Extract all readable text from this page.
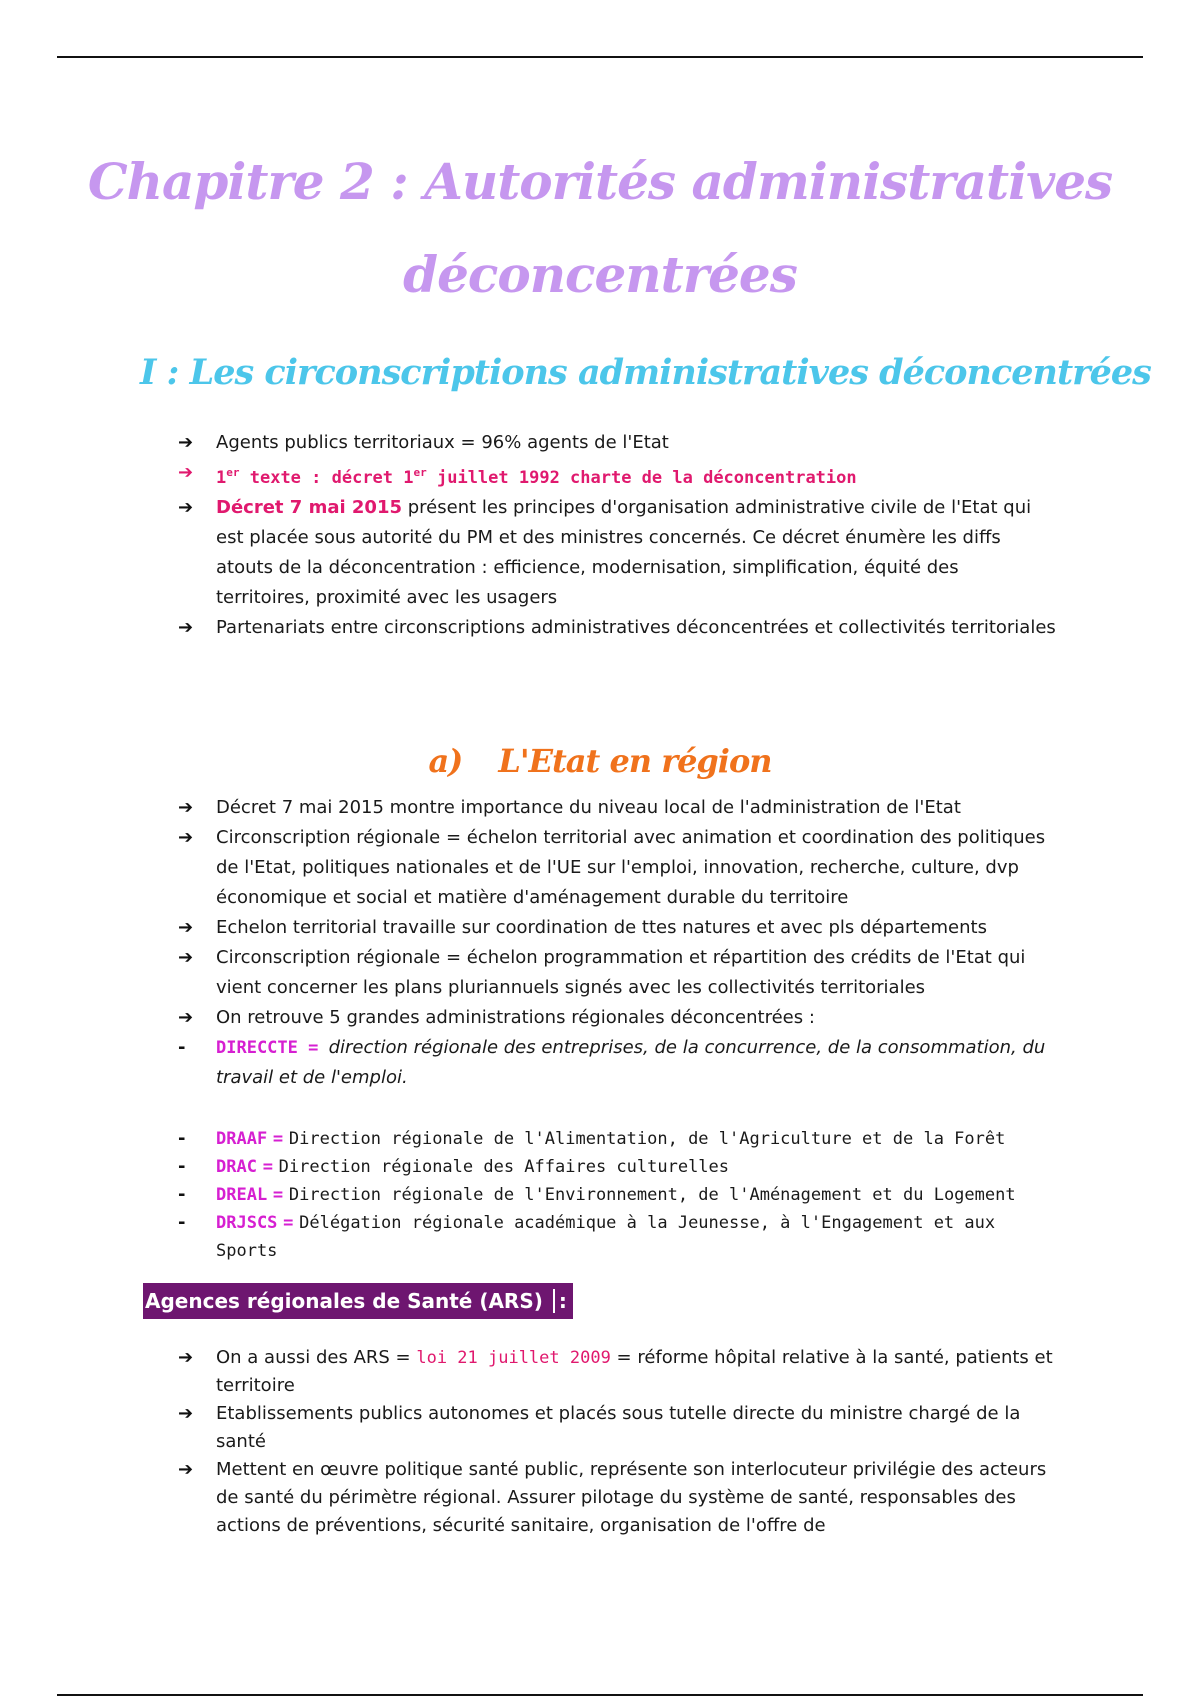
Chapitre 2 : Autorités administratives
déconcentrées
I : Les circonscriptions administratives déconcentrées
➔	Agents publics territoriaux = 96% agents de l'Etat
➔	1er texte : décret 1er juillet 1992 charte de la déconcentration
➔	Décret 7 mai 2015 présent les principes d'organisation administrative civile de l'Etat qui est placée sous autorité du PM et des ministres concernés. Ce décret énumère les diffs atouts de la déconcentration : efficience, modernisation, simplification, équité des territoires, proximité avec les usagers
➔	Partenariats entre circonscriptions administratives déconcentrées et collectivités territoriales
a) L'Etat en région
➔	Décret 7 mai 2015 montre importance du niveau local de l'administration de l'Etat
➔	Circonscription régionale = échelon territorial avec animation et coordination des politiques de l'Etat, politiques nationales et de l'UE sur l'emploi, innovation, recherche, culture, dvp économique et social et matière d'aménagement durable du territoire
➔	Echelon territorial travaille sur coordination de ttes natures et avec pls départements
➔	Circonscription régionale = échelon programmation et répartition des crédits de l'Etat qui vient concerner les plans pluriannuels signés avec les collectivités territoriales
➔	On retrouve 5 grandes administrations régionales déconcentrées :
-	DIRECCTE = direction régionale des entreprises, de la concurrence, de la consommation, du travail et de l'emploi.
-	DRAAF = Direction régionale de l'Alimentation, de l'Agriculture et de la Forêt
-	DRAC = Direction régionale des Affaires culturelles
-	DREAL = Direction régionale de l'Environnement, de l'Aménagement et du Logement
-	DRJSCS = Délégation régionale académique à la Jeunesse, à l'Engagement et aux Sports
Agences régionales de Santé (ARS) :
➔	On a aussi des ARS = loi 21 juillet 2009 = réforme hôpital relative à la santé, patients et territoire
➔	Etablissements publics autonomes et placés sous tutelle directe du ministre chargé de la santé
➔	Mettent en œuvre politique santé public, représente son interlocuteur privilégie des acteurs de santé du périmètre régional. Assurer pilotage du système de santé, responsables des actions de préventions, sécurité sanitaire, organisation de l'offre de
